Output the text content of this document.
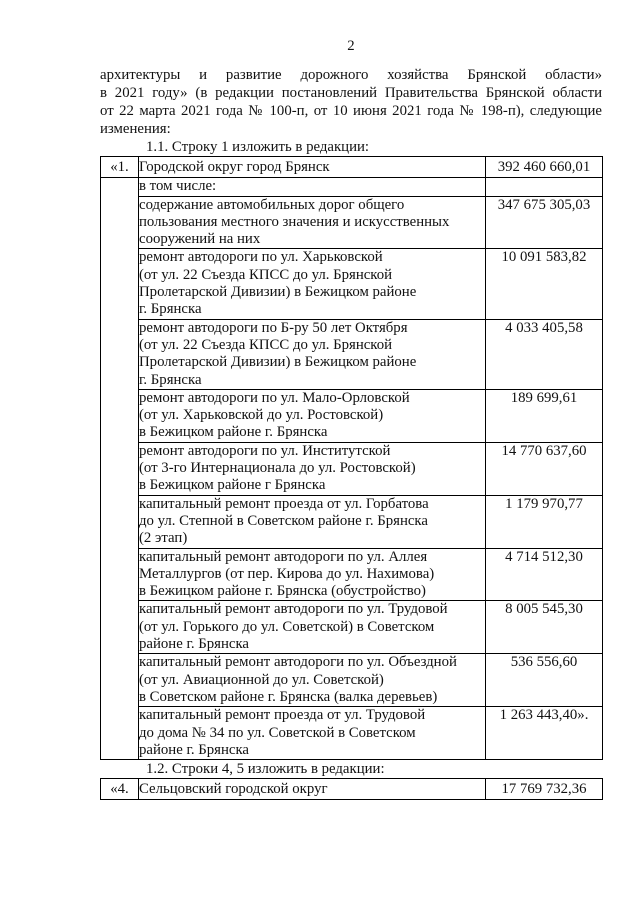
2
архитектуры и развитие дорожного хозяйства Брянской области»
в 2021 году» (в редакции постановлений Правительства Брянской области
от 22 марта 2021 года № 100-п, от 10 июня 2021 года № 198-п), следующие
изменения:
1.1. Строку 1 изложить в редакции:
«1.	Городской округ город Брянск	392 460 660,01
	в том числе:	
	содержание автомобильных дорог общего
пользования местного значения и искусственных
сооружений на них	347 675 305,03
	ремонт автодороги по ул. Харьковской
(от ул. 22 Съезда КПСС до ул. Брянской
Пролетарской Дивизии) в Бежицком районе
г. Брянска	10 091 583,82
	ремонт автодороги по Б-ру 50 лет Октября
(от ул. 22 Съезда КПСС до ул. Брянской
Пролетарской Дивизии) в Бежицком районе
г. Брянска	4 033 405,58
	ремонт автодороги по ул. Мало-Орловской
(от ул. Харьковской до ул. Ростовской)
в Бежицком районе г. Брянска	189 699,61
	ремонт автодороги по ул. Институтской
(от 3-го Интернационала до ул. Ростовской)
в Бежицком районе г Брянска	14 770 637,60
	капитальный ремонт проезда от ул. Горбатова
до ул. Степной в Советском районе г. Брянска
(2 этап)	1 179 970,77
	капитальный ремонт автодороги по ул. Аллея
Металлургов (от пер. Кирова до ул. Нахимова)
в Бежицком районе г. Брянска (обустройство)	4 714 512,30
	капитальный ремонт автодороги по ул. Трудовой
(от ул. Горького до ул. Советской) в Советском
районе г. Брянска	8 005 545,30
	капитальный ремонт автодороги по ул. Объездной
(от ул. Авиационной до ул. Советской)
в Советском районе г. Брянска (валка деревьев)	536 556,60
	капитальный ремонт проезда от ул. Трудовой
до дома № 34 по ул. Советской в Советском
районе г. Брянска	1 263 443,40».
1.2. Строки 4, 5 изложить в редакции:
«4.	Сельцовский городской округ	17 769 732,36
